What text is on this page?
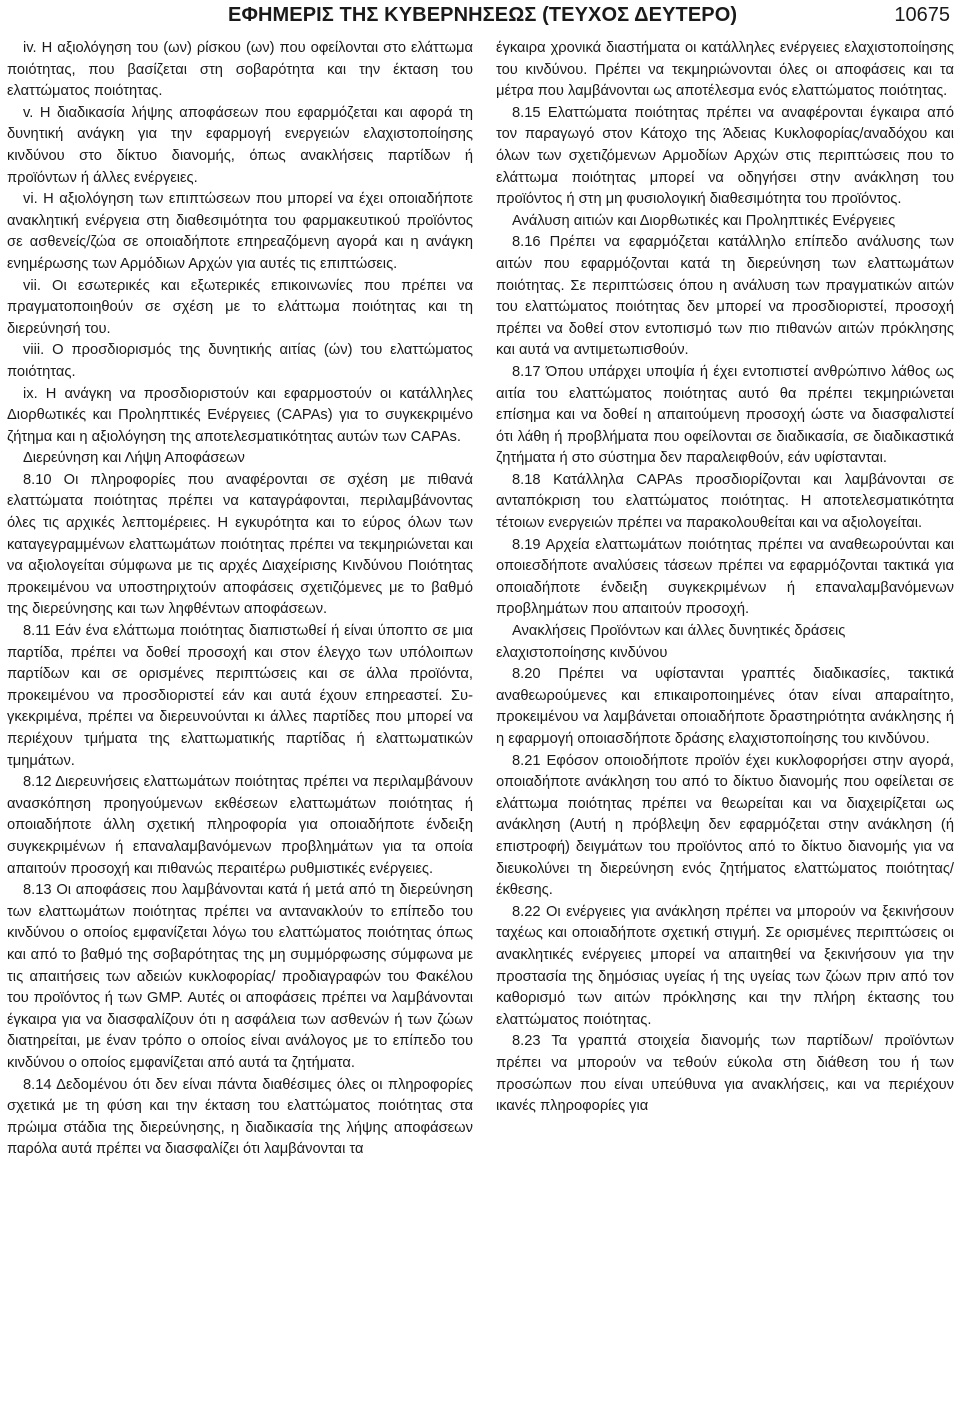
ΕΦΗΜΕΡΙΣ ΤΗΣ ΚΥΒΕΡΝΗΣΕΩΣ (ΤΕΥΧΟΣ ΔΕΥΤΕΡΟ)	10675

iv. Η αξιολόγηση του (ων) ρίσκου (ων) που οφείλονται στο ελάττωμα ποιότητας, που βασίζεται στη σοβαρότητα και την έκταση του ελαττώματος ποιότητας.

v. Η διαδικασία λήψης αποφάσεων που εφαρμόζεται και αφορά τη δυνητική ανάγκη για την εφαρμογή ενεργειών ελαχιστοποίησης κινδύνου στο δίκτυο διανομής, όπως ανακλήσεις παρτίδων ή προϊόντων ή άλλες ενέργειες.

vi. Η αξιολόγηση των επιπτώσεων που μπορεί να έχει οποιαδήποτε ανακλητική ενέργεια στη διαθεσιμότητα του φαρμακευτικού προϊόντος σε ασθενείς/ζώα σε οποιαδήποτε επηρεαζόμενη αγορά και η ανάγκη ενημέρωσης των Αρμόδιων Αρχών για αυτές τις επιπτώσεις.

vii. Οι εσωτερικές και εξωτερικές επικοινωνίες που πρέπει να πραγματοποιηθούν σε σχέση με το ελάττωμα ποιότητας και τη διερεύνησή του.

viii. Ο προσδιορισμός της δυνητικής αιτίας (ών) του ελαττώματος ποιότητας.

ix. Η ανάγκη να προσδιοριστούν και εφαρμοστούν οι κατάλληλες Διορθωτικές και Προληπτικές Ενέργειες (CAPAs) για το συγκεκριμένο ζήτημα και η αξιολόγηση της αποτελεσματικότητας αυτών των CAPAs.

Διερεύνηση και Λήψη Αποφάσεων

8.10 Οι πληροφορίες που αναφέρονται σε σχέση με πιθανά ελαττώματα ποιότητας πρέπει να καταγράφονται, περιλαμβάνοντας όλες τις αρχικές λεπτομέρειες. Η εγκυρότητα και το εύρος όλων των καταγεγραμμένων ελαττωμάτων ποιότητας πρέπει να τεκμηριώνεται και να αξιολογείται σύμφωνα με τις αρχές Διαχείρισης Κινδύνου Ποιότητας προκειμένου να υποστηριχτούν αποφάσεις σχετιζόμενες με το βαθμό της διερεύνησης και των ληφθέντων αποφάσεων.

8.11 Εάν ένα ελάττωμα ποιότητας διαπιστωθεί ή είναι ύποπτο σε μια παρτίδα, πρέπει να δοθεί προσοχή και στον έλεγχο των υπόλοιπων παρτίδων και σε ορισμένες περιπτώσεις και σε άλλα προϊόντα, προκειμένου να προσδιοριστεί εάν και αυτά έχουν επηρεαστεί. Συγκεκριμένα, πρέπει να διερευνούνται κι άλλες παρτίδες που μπορεί να περιέχουν τμήματα της ελαττωματικής παρτίδας ή ελαττωματικών τμημάτων.

8.12 Διερευνήσεις ελαττωμάτων ποιότητας πρέπει να περιλαμβάνουν ανασκόπηση προηγούμενων εκθέσεων ελαττωμάτων ποιότητας ή οποιαδήποτε άλλη σχετική πληροφορία για οποιαδήποτε ένδειξη συγκεκριμένων ή επαναλαμβανόμενων προβλημάτων για τα οποία απαιτούν προσοχή και πιθανώς περαιτέρω ρυθμιστικές ενέργειες.

8.13 Οι αποφάσεις που λαμβάνονται κατά ή μετά από τη διερεύνηση των ελαττωμάτων ποιότητας πρέπει να αντανακλούν το επίπεδο του κινδύνου ο οποίος εμφανίζεται λόγω του ελαττώματος ποιότητας όπως και από το βαθμό της σοβαρότητας της μη συμμόρφωσης σύμφωνα με τις απαιτήσεις των αδειών κυκλοφορίας/ προδιαγραφών του Φακέλου του προϊόντος ή των GMP. Αυτές οι αποφάσεις πρέπει να λαμβάνονται έγκαιρα για να διασφαλίζουν ότι η ασφάλεια των ασθενών ή των ζώων διατηρείται, με έναν τρόπο ο οποίος είναι ανάλογος με το επίπεδο του κινδύνου ο οποίος εμφανίζεται από αυτά τα ζητήματα.

8.14 Δεδομένου ότι δεν είναι πάντα διαθέσιμες όλες οι πληροφορίες σχετικά με τη φύση και την έκταση του ελαττώματος ποιότητας στα πρώιμα στάδια της διερεύνησης, η διαδικασία της λήψης αποφάσεων παρόλα αυτά πρέπει να διασφαλίζει ότι λαμβάνονται τα

έγκαιρα χρονικά διαστήματα οι κατάλληλες ενέργειες ελαχιστοποίησης του κινδύνου. Πρέπει να τεκμηριώνονται όλες οι αποφάσεις και τα μέτρα που λαμβάνονται ως αποτέλεσμα ενός ελαττώματος ποιότητας.

8.15 Ελαττώματα ποιότητας πρέπει να αναφέρονται έγκαιρα από τον παραγωγό στον Κάτοχο της Άδειας Κυκλοφορίας/αναδόχου και όλων των σχετιζόμενων Αρμοδίων Αρχών στις περιπτώσεις που το ελάττωμα ποιότητας μπορεί να οδηγήσει στην ανάκληση του προϊόντος ή στη μη φυσιολογική διαθεσιμότητα του προϊόντος.

Ανάλυση αιτιών και Διορθωτικές και Προληπτικές Ενέργειες

8.16 Πρέπει να εφαρμόζεται κατάλληλο επίπεδο ανάλυσης των αιτών που εφαρμόζονται κατά τη διερεύνηση των ελαττωμάτων ποιότητας. Σε περιπτώσεις όπου η ανάλυση των πραγματικών αιτών του ελαττώματος ποιότητας δεν μπορεί να προσδιοριστεί, προσοχή πρέπει να δοθεί στον εντοπισμό των πιο πιθανών αιτών πρόκλησης και αυτά να αντιμετωπισθούν.

8.17 Όπου υπάρχει υποψία ή έχει εντοπιστεί ανθρώπινο λάθος ως αιτία του ελαττώματος ποιότητας αυτό θα πρέπει τεκμηριώνεται επίσημα και να δοθεί η απαιτούμενη προσοχή ώστε να διασφαλιστεί ότι λάθη ή προβλήματα που οφείλονται σε διαδικασία, σε διαδικαστικά ζητήματα ή στο σύστημα δεν παραλειφθούν, εάν υφίστανται.

8.18 Κατάλληλα CAPAs προσδιορίζονται και λαμβάνονται σε ανταπόκριση του ελαττώματος ποιότητας. Η αποτελεσματικότητα τέτοιων ενεργειών πρέπει να παρακολουθείται και να αξιολογείται.

8.19 Αρχεία ελαττωμάτων ποιότητας πρέπει να αναθεωρούνται και οποιεσδήποτε αναλύσεις τάσεων πρέπει να εφαρμόζονται τακτικά για οποιαδήποτε ένδειξη συγκεκριμένων ή επαναλαμβανόμενων προβλημάτων που απαιτούν προσοχή.

Ανακλήσεις Προϊόντων και άλλες δυνητικές δράσεις ελαχιστοποίησης κινδύνου

8.20 Πρέπει να υφίστανται γραπτές διαδικασίες, τακτικά αναθεωρούμενες και επικαιροποιημένες όταν είναι απαραίτητο, προκειμένου να λαμβάνεται οποιαδήποτε δραστηριότητα ανάκλησης ή η εφαρμογή οποιασδήποτε δράσης ελαχιστοποίησης του κινδύνου.

8.21 Εφόσον οποιοδήποτε προϊόν έχει κυκλοφορήσει στην αγορά, οποιαδήποτε ανάκληση του από το δίκτυο διανομής που οφείλεται σε ελάττωμα ποιότητας πρέπει να θεωρείται και να διαχειρίζεται ως ανάκληση (Αυτή η πρόβλεψη δεν εφαρμόζεται στην ανάκληση (ή επιστροφή) δειγμάτων του προϊόντος από το δίκτυο διανομής για να διευκολύνει τη διερεύνηση ενός ζητήματος ελαττώματος ποιότητας/έκθεσης.

8.22 Οι ενέργειες για ανάκληση πρέπει να μπορούν να ξεκινήσουν ταχέως και οποιαδήποτε σχετική στιγμή. Σε ορισμένες περιπτώσεις οι ανακλητικές ενέργειες μπορεί να απαιτηθεί να ξεκινήσουν για την προστασία της δημόσιας υγείας ή της υγείας των ζώων πριν από τον καθορισμό των αιτών πρόκλησης και την πλήρη έκτασης του ελαττώματος ποιότητας.

8.23 Τα γραπτά στοιχεία διανομής των παρτίδων/ προϊόντων πρέπει να μπορούν να τεθούν εύκολα στη διάθεση του ή των προσώπων που είναι υπεύθυνα για ανακλήσεις, και να περιέχουν ικανές πληροφορίες για
